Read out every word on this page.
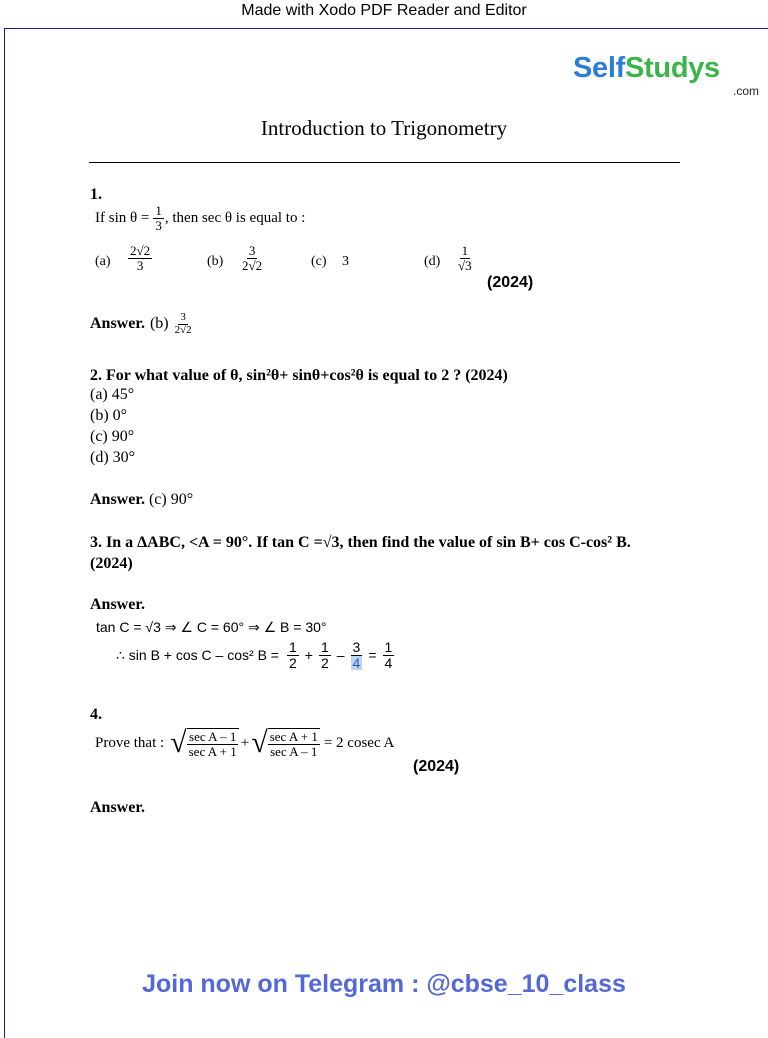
Made with Xodo PDF Reader and Editor
SelfStudys
.com
Introduction to Trigonometry
1.
If $\sin \theta = \frac{1}{3}$ , then sec θ is equal to :
$(a) \frac{2√2}{3}$	$(b) \frac{3}{2√2}$	(c) 3	$(d) \frac{1}{√3}$
(2024)
Answer. $(b) \frac{3}{2√2}$
2. For what value of θ, sin²θ+ sinθ+cos²θ is equal to 2 ? (2024)
(a) 45°
(b) 0°
(c) 90°
(d) 30°
Answer. (c) 90°
3. In a ΔABC, <A = 90°. If tan C =√3, then find the value of sin B+ cos C-cos² B.
(2024)
Answer.
tan C = √3 ⇒ ∠ C = 60° ⇒ ∠ B = 30°
∴ sin B + cos C – cos² $B = \frac{1}{2} + \frac{1}{2} - \frac{3}{4} = \frac{1}{4}$
4.
Prove that : √ $\frac{\text{sec A – 1}}{\text{sec A + 1}}$ + √ $\frac{\text{sec A + 1}}{\text{sec A – 1}} = 2$ cosec A
(2024)
Answer.
Join now on Telegram : @cbse_10_class
